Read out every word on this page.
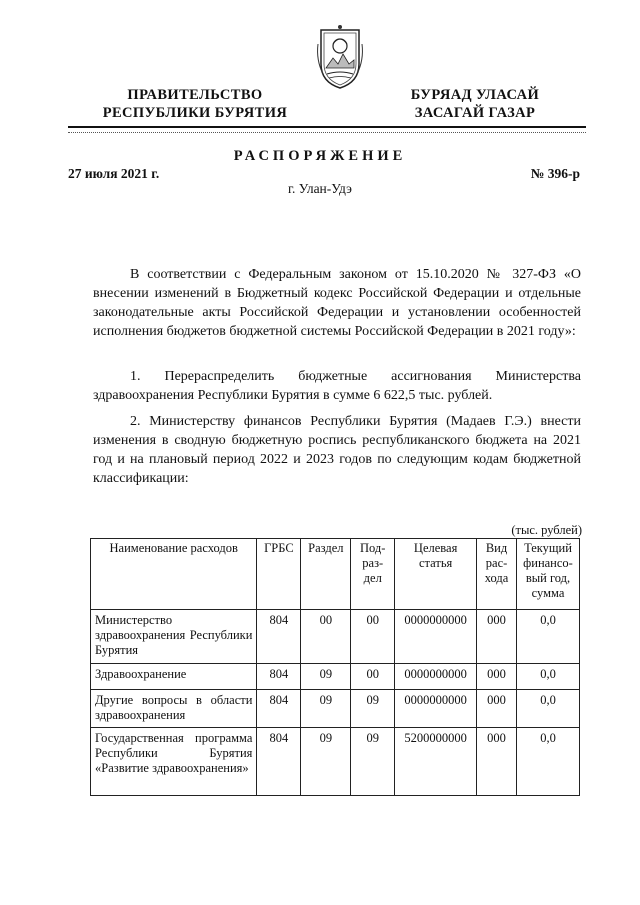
ПРАВИТЕЛЬСТВО
РЕСПУБЛИКИ БУРЯТИЯ
БУРЯАД УЛАСАЙ
ЗАСАГАЙ ГАЗАР
РАСПОРЯЖЕНИЕ
27 июля 2021 г.	№ 396-р
г. Улан-Удэ

В соответствии с Федеральным законом от 15.10.2020 № 327-ФЗ «О внесении изменений в Бюджетный кодекс Российской Федерации и отдельные законодательные акты Российской Федерации и установлении особенностей исполнения бюджетов бюджетной системы Российской Федерации в 2021 году»:

1. Перераспределить бюджетные ассигнования Министерства здравоохранения Республики Бурятия в сумме 6 622,5 тыс. рублей.

2. Министерству финансов Республики Бурятия (Мадаев Г.Э.) внести изменения в сводную бюджетную роспись республиканского бюджета на 2021 год и на плановый период 2022 и 2023 годов по следующим кодам бюджетной классификации:

(тыс. рублей)
Наименование расходов	ГРБС	Раздел	Под-раз-дел	Целевая статья	Вид рас-хода	Текущий финансо-вый год, сумма
Министерство здравоохранения Республики Бурятия	804	00	00	0000000000	000	0,0
Здравоохранение	804	09	00	0000000000	000	0,0
Другие вопросы в области здравоохранения	804	09	09	0000000000	000	0,0
Государственная программа Республики Бурятия «Развитие здравоохранения»	804	09	09	5200000000	000	0,0
